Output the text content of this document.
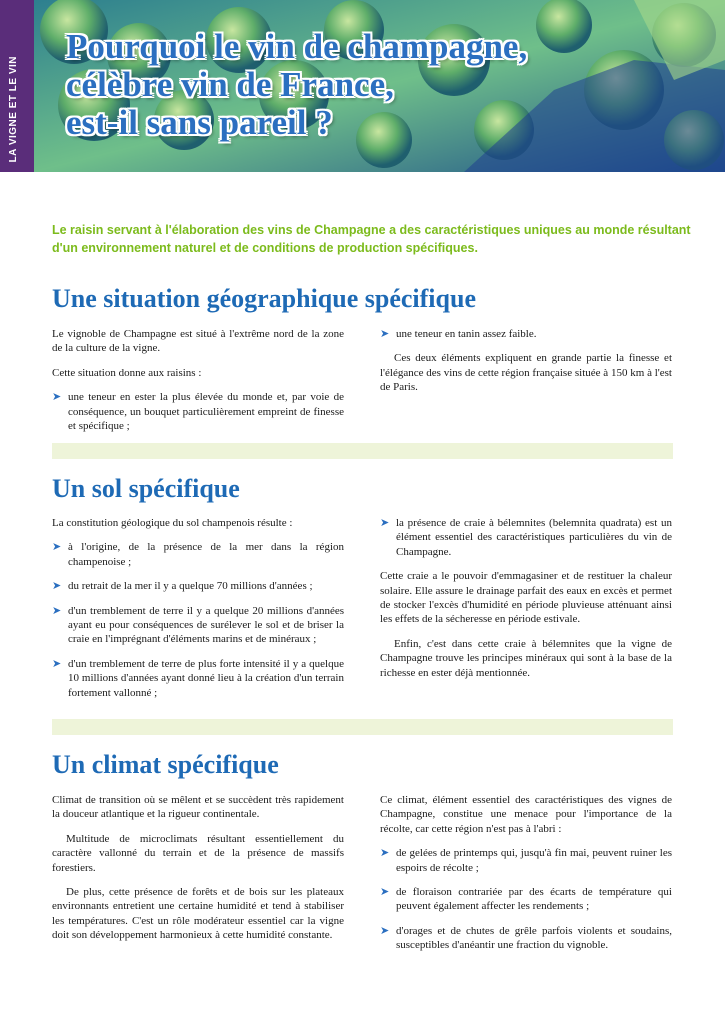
LA VIGNE ET LE VIN
Pourquoi le vin de champagne,
célèbre vin de France,
est-il sans pareil ?

Le raisin servant à l'élaboration des vins de Champagne a des caractéristiques uniques au monde résultant d'un environnement naturel et de conditions de production spécifiques.

Une situation géographique spécifique

Le vignoble de Champagne est situé à l'extrême nord de la zone de la culture de la vigne.

Cette situation donne aux raisins :

➤ une teneur en ester la plus élevée du monde et, par voie de conséquence, un bouquet particulièrement empreint de finesse et spécifique ;
➤ une teneur en tanin assez faible.

Ces deux éléments expliquent en grande partie la finesse et l'élégance des vins de cette région française située à 150 km à l'est de Paris.

Un sol spécifique

La constitution géologique du sol champenois résulte :

➤ à l'origine, de la présence de la mer dans la région champenoise ;
➤ du retrait de la mer il y a quelque 70 millions d'années ;
➤ d'un tremblement de terre il y a quelque 20 millions d'années ayant eu pour conséquences de surélever le sol et de briser la craie en l'imprégnant d'éléments marins et de minéraux ;
➤ d'un tremblement de terre de plus forte intensité il y a quelque 10 millions d'années ayant donné lieu à la création d'un terrain fortement vallonné ;
➤ la présence de craie à bélemnites (belemnita quadrata) est un élément essentiel des caractéristiques particulières du vin de Champagne.

Cette craie a le pouvoir d'emmagasiner et de restituer la chaleur solaire. Elle assure le drainage parfait des eaux en excès et permet de stocker l'excès d'humidité en période pluvieuse atténuant ainsi les effets de la sécheresse en période estivale.

Enfin, c'est dans cette craie à bélemnites que la vigne de Champagne trouve les principes minéraux qui sont à la base de la richesse en ester déjà mentionnée.

Un climat spécifique

Climat de transition où se mêlent et se succèdent très rapidement la douceur atlantique et la rigueur continentale.

Multitude de microclimats résultant essentiellement du caractère vallonné du terrain et de la présence de massifs forestiers.

De plus, cette présence de forêts et de bois sur les plateaux environnants entretient une certaine humidité et tend à stabiliser les températures. C'est un rôle modérateur essentiel car la vigne doit son développement harmonieux à cette humidité constante.

Ce climat, élément essentiel des caractéristiques des vignes de Champagne, constitue une menace pour l'importance de la récolte, car cette région n'est pas à l'abri :

➤ de gelées de printemps qui, jusqu'à fin mai, peuvent ruiner les espoirs de récolte ;
➤ de floraison contrariée par des écarts de température qui peuvent également affecter les rendements ;
➤ d'orages et de chutes de grêle parfois violents et soudains, susceptibles d'anéantir une fraction du vignoble.
